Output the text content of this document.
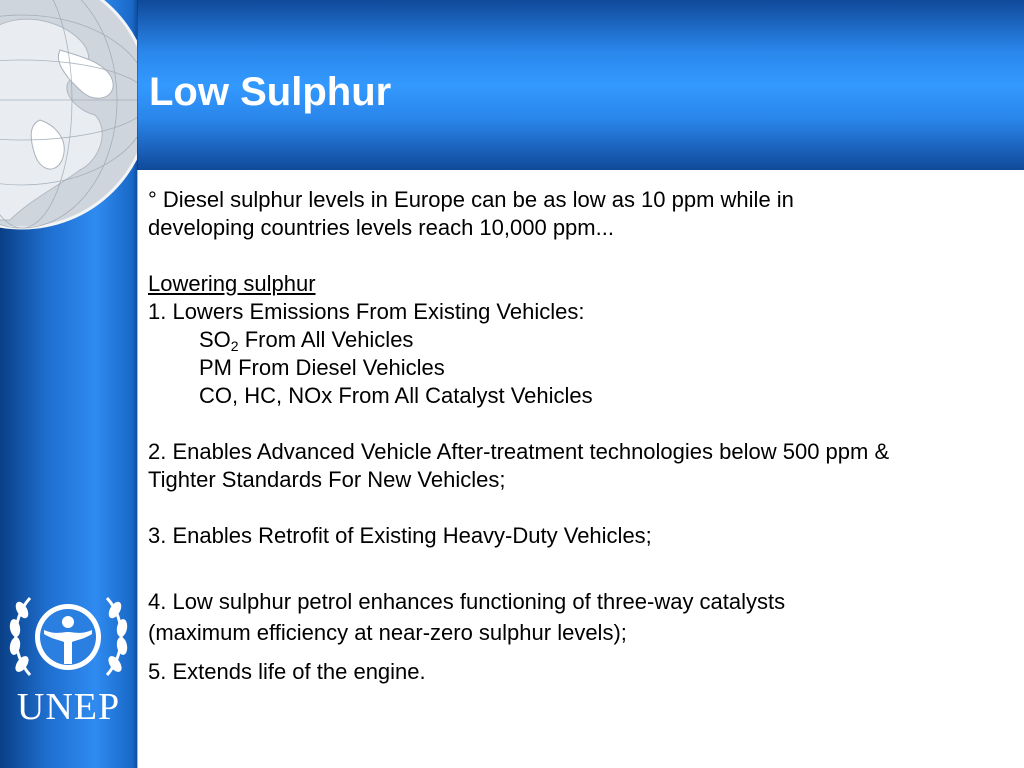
Low Sulphur
UNEP

° Diesel sulphur levels in Europe can be as low as 10 ppm while in

developing countries levels reach 10,000 ppm...

Lowering sulphur

1. Lowers Emissions From Existing Vehicles:

$SO_2$ From All Vehicles

PM From Diesel Vehicles

CO, HC, NOx From All Catalyst Vehicles

2. Enables Advanced Vehicle After-treatment technologies below 500 ppm &

Tighter Standards For New Vehicles;

3. Enables Retrofit of Existing Heavy-Duty Vehicles;

4. Low sulphur petrol enhances functioning of three-way catalysts

(maximum efficiency at near-zero sulphur levels);

5. Extends life of the engine.
